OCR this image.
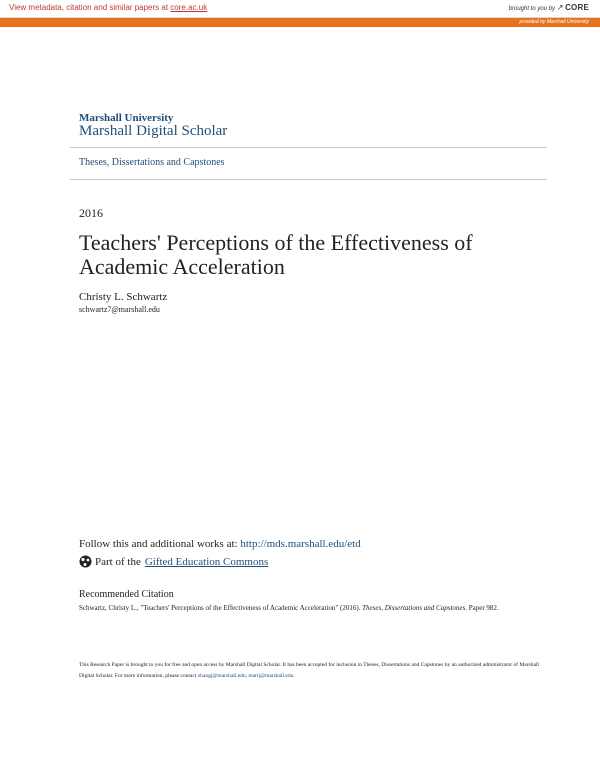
View metadata, citation and similar papers at core.ac.uk	brought to you by ↗ CORE
provided by Marshall University
Marshall University
Marshall Digital Scholar
Theses, Dissertations and Capstones
2016
Teachers' Perceptions of the Effectiveness of Academic Acceleration
Christy L. Schwartz
schwartz7@marshall.edu
Follow this and additional works at: http://mds.marshall.edu/etd
Part of the Gifted Education Commons
Recommended Citation
Schwartz, Christy L., "Teachers' Perceptions of the Effectiveness of Academic Acceleration" (2016). Theses, Dissertations and Capstones. Paper 982.
This Research Paper is brought to you for free and open access by Marshall Digital Scholar. It has been accepted for inclusion in Theses, Dissertations and Capstones by an authorized administrator of Marshall Digital Scholar. For more information, please contact zhangj@marshall.edu, martj@marshall.edu.
